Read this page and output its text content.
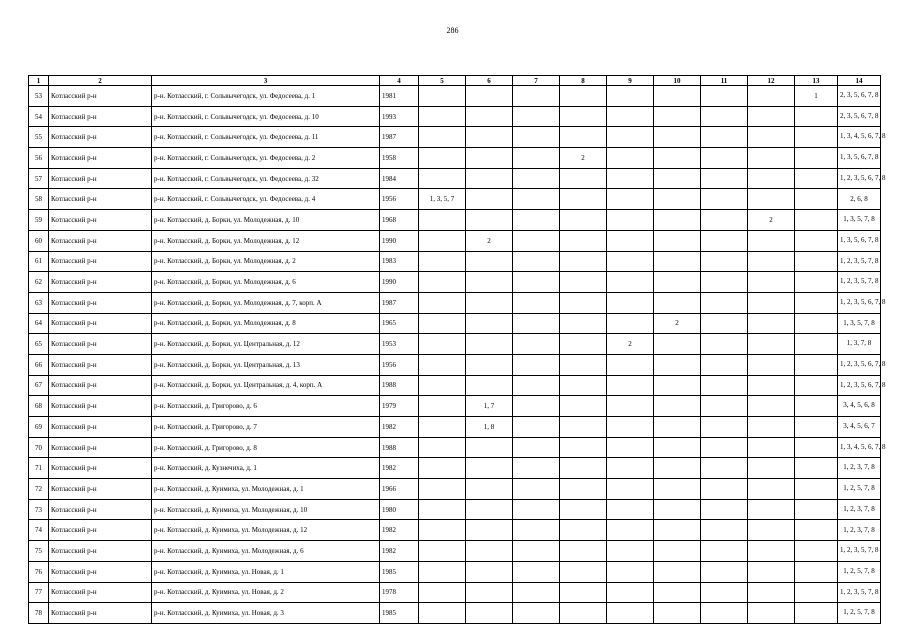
286
1	2	3	4	5	6	7	8	9	10	11	12	13	14
53	Котласский р-н	р-н. Котласский, г. Сольвычегодск, ул. Федосеева, д. 1	1981									1	2, 3, 5, 6, 7, 8
54	Котласский р-н	р-н. Котласский, г. Сольвычегодск, ул. Федосеева, д. 10	1993										2, 3, 5, 6, 7, 8
55	Котласский р-н	р-н. Котласский, г. Сольвычегодск, ул. Федосеева, д. 11	1987										1, 3, 4, 5, 6, 7, 8
56	Котласский р-н	р-н. Котласский, г. Сольвычегодск, ул. Федосеева, д. 2	1958				2						1, 3, 5, 6, 7, 8
57	Котласский р-н	р-н. Котласский, г. Сольвычегодск, ул. Федосеева, д. 32	1984										1, 2, 3, 5, 6, 7, 8
58	Котласский р-н	р-н. Котласский, г. Сольвычегодск, ул. Федосеева, д. 4	1956	1, 3, 5, 7									2, 6, 8
59	Котласский р-н	р-н. Котласский, д. Борки, ул. Молодежная, д. 10	1968								2		1, 3, 5, 7, 8
60	Котласский р-н	р-н. Котласский, д. Борки, ул. Молодежная, д. 12	1990		2								1, 3, 5, 6, 7, 8
61	Котласский р-н	р-н. Котласский, д. Борки, ул. Молодежная, д. 2	1983										1, 2, 3, 5, 7, 8
62	Котласский р-н	р-н. Котласский, д. Борки, ул. Молодежная, д. 6	1990										1, 2, 3, 5, 7, 8
63	Котласский р-н	р-н. Котласский, д. Борки, ул. Молодежная, д. 7, корп. А	1987										1, 2, 3, 5, 6, 7, 8
64	Котласский р-н	р-н. Котласский, д. Борки, ул. Молодежная, д. 8	1965						2				1, 3, 5, 7, 8
65	Котласский р-н	р-н. Котласский, д. Борки, ул. Центральная, д. 12	1953					2					1, 3, 7, 8
66	Котласский р-н	р-н. Котласский, д. Борки, ул. Центральная, д. 13	1956										1, 2, 3, 5, 6, 7, 8
67	Котласский р-н	р-н. Котласский, д. Борки, ул. Центральная, д. 4, корп. А	1988										1, 2, 3, 5, 6, 7, 8
68	Котласский р-н	р-н. Котласский, д. Григорово, д. 6	1979		1, 7								3, 4, 5, 6, 8
69	Котласский р-н	р-н. Котласский, д. Григорово, д. 7	1982		1, 8								3, 4, 5, 6, 7
70	Котласский р-н	р-н. Котласский, д. Григорово, д. 8	1988										1, 3, 4, 5, 6, 7, 8
71	Котласский р-н	р-н. Котласский, д. Кузнечиха, д. 1	1982										1, 2, 3, 7, 8
72	Котласский р-н	р-н. Котласский, д. Куимиха, ул. Молодежная, д. 1	1966										1, 2, 5, 7, 8
73	Котласский р-н	р-н. Котласский, д. Куимиха, ул. Молодежная, д. 10	1980										1, 2, 3, 7, 8
74	Котласский р-н	р-н. Котласский, д. Куимиха, ул. Молодежная, д. 12	1982										1, 2, 3, 7, 8
75	Котласский р-н	р-н. Котласский, д. Куимиха, ул. Молодежная, д. 6	1982										1, 2, 3, 5, 7, 8
76	Котласский р-н	р-н. Котласский, д. Куимиха, ул. Новая, д. 1	1985										1, 2, 5, 7, 8
77	Котласский р-н	р-н. Котласский, д. Куимиха, ул. Новая, д. 2	1978										1, 2, 3, 5, 7, 8
78	Котласский р-н	р-н. Котласский, д. Куимиха, ул. Новая, д. 3	1985										1, 2, 5, 7, 8
